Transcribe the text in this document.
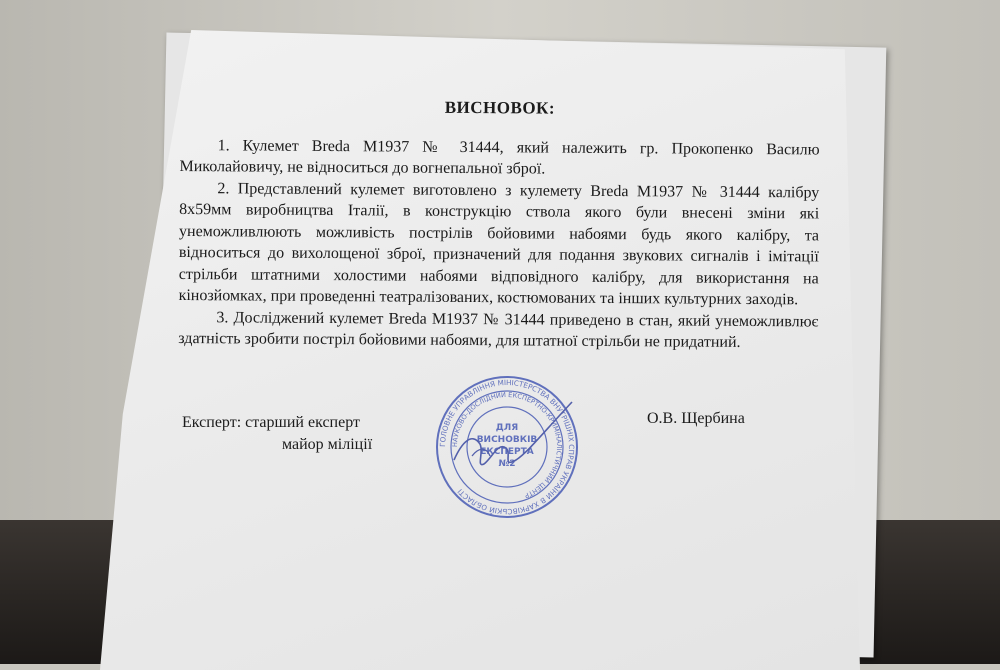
ВИСНОВОК:

1. Кулемет Breda М1937 № 31444, який належить гр. Прокопенко Василю Миколайовичу, не відноситься до вогнепальної зброї.

2. Представлений кулемет виготовлено з кулемету Breda М1937 № 31444 калібру 8х59мм виробництва Італії, в конструкцію ствола якого були внесені зміни які унеможливлюють можливість пострілів бойовими набоями будь якого калібру, та відноситься до вихолощеної зброї, призначений для подання звукових сигналів і імітації стрільби штатними холостими набоями відповідного калібру, для використання на кінозйомках, при проведенні театралізованих, костюмованих та інших культурних заходів.

3. Досліджений кулемет Breda М1937 № 31444 приведено в стан, який унеможливлює здатність зробити постріл бойовими набоями, для штатної стрільби не придатний.

Експерт: старший експерт
майор міліції
О.В. Щербина
ГОЛОВНЕ УПРАВЛІННЯ МІНІСТЕРСТВА ВНУТРІШНІХ СПРАВ УКРАЇНИ В ХАРКІВСЬКІЙ ОБЛАСТІ
НАУКОВО-ДОСЛІДНИЙ ЕКСПЕРТНО-КРИМІНАЛІСТИЧНИЙ ЦЕНТР
ДЛЯ
ВИСНОВКІВ
ЕКСПЕРТА
№2
